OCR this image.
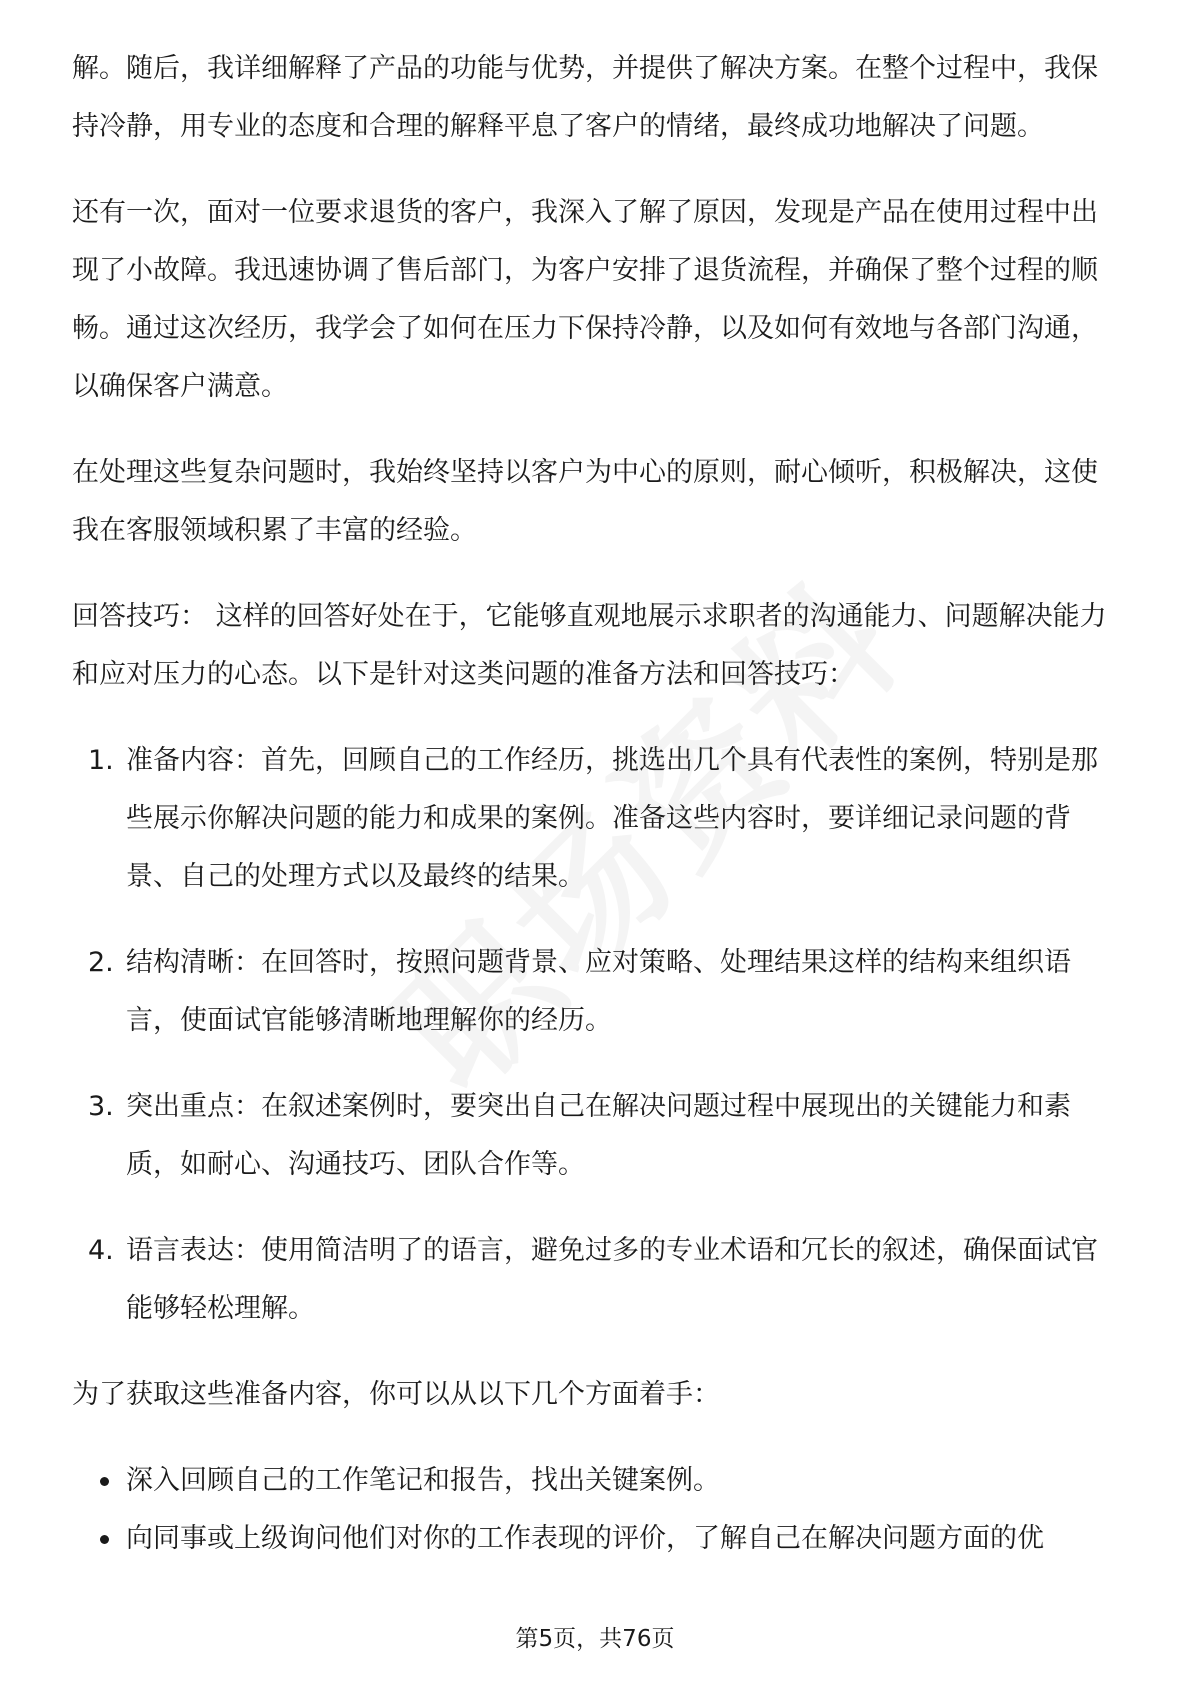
解。随后，我详细解释了产品的功能与优势，并提供了解决方案。在整个过程中，我保持冷静，用专业的态度和合理的解释平息了客户的情绪，最终成功地解决了问题。

还有一次，面对一位要求退货的客户，我深入了解了原因，发现是产品在使用过程中出现了小故障。我迅速协调了售后部门，为客户安排了退货流程，并确保了整个过程的顺畅。通过这次经历，我学会了如何在压力下保持冷静，以及如何有效地与各部门沟通，以确保客户满意。

在处理这些复杂问题时，我始终坚持以客户为中心的原则，耐心倾听，积极解决，这使我在客服领域积累了丰富的经验。

回答技巧： 这样的回答好处在于，它能够直观地展示求职者的沟通能力、问题解决能力和应对压力的心态。以下是针对这类问题的准备方法和回答技巧：

1. 准备内容：首先，回顾自己的工作经历，挑选出几个具有代表性的案例，特别是那些展示你解决问题的能力和成果的案例。准备这些内容时，要详细记录问题的背景、自己的处理方式以及最终的结果。
2. 结构清晰：在回答时，按照问题背景、应对策略、处理结果这样的结构来组织语言，使面试官能够清晰地理解你的经历。
3. 突出重点：在叙述案例时，要突出自己在解决问题过程中展现出的关键能力和素质，如耐心、沟通技巧、团队合作等。
4. 语言表达：使用简洁明了的语言，避免过多的专业术语和冗长的叙述，确保面试官能够轻松理解。

为了获取这些准备内容，你可以从以下几个方面着手：

深入回顾自己的工作笔记和报告，找出关键案例。
向同事或上级询问他们对你的工作表现的评价，了解自己在解决问题方面的优
第5页，共76页
